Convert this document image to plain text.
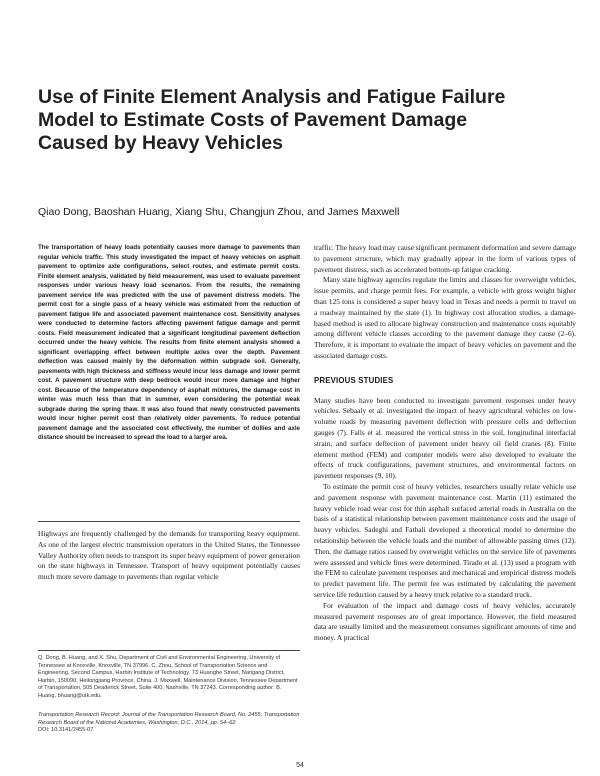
Use of Finite Element Analysis and Fatigue Failure Model to Estimate Costs of Pavement Damage Caused by Heavy Vehicles
Qiao Dong, Baoshan Huang, Xiang Shu, Changjun Zhou, and James Maxwell
The transportation of heavy loads potentially causes more damage to pavements than regular vehicle traffic. This study investigated the impact of heavy vehicles on asphalt pavement to optimize axle configurations, select routes, and estimate permit costs. Finite element analysis, validated by field measurement, was used to evaluate pavement responses under various heavy load scenarios. From the results, the remaining pavement service life was predicted with the use of pavement distress models. The permit cost for a single pass of a heavy vehicle was estimated from the reduction of pavement fatigue life and associated pavement maintenance cost. Sensitivity analyses were conducted to determine factors affecting pavement fatigue damage and permit costs. Field measurement indicated that a significant longitudinal pavement deflection occurred under the heavy vehicle. The results from finite element analysis showed a significant overlapping effect between multiple axles over the depth. Pavement deflection was caused mainly by the deformation within subgrade soil. Generally, pavements with high thickness and stiffness would incur less damage and lower permit cost. A pavement structure with deep bedrock would incur more damage and higher cost. Because of the temperature dependency of asphalt mixtures, the damage cost in winter was much less than that in summer, even considering the potential weak subgrade during the spring thaw. It was also found that newly constructed pavements would incur higher permit cost than relatively older pavements. To reduce potential pavement damage and the associated cost effectively, the number of dollies and axle distance should be increased to spread the load to a larger area.
Highways are frequently challenged by the demands for transporting heavy equipment. As one of the largest electric transmission operators in the United States, the Tennessee Valley Authority often needs to transport its super heavy equipment of power generation on the state highways in Tennessee. Transport of heavy equipment potentially causes much more severe damage to pavements than regular vehicle
Q. Dong, B. Huang, and X. Shu, Department of Civil and Environmental Engineering, University of Tennessee at Knoxville, Knoxville, TN 37996. C. Zhou, School of Transportation Science and Engineering, Second Campus, Harbin Institute of Technology, 73 Huanghe Street, Nangang District, Harbin, 150090, Heilongjiang Province, China. J. Maxwell, Maintenance Division, Tennessee Department of Transportation, 505 Deaderick Street, Suite 400, Nashville, TN 37243. Corresponding author: B. Huang, bhuang@utk.edu.
Transportation Research Record: Journal of the Transportation Research Board, No. 2455, Transportation Research Board of the National Academies, Washington, D.C., 2014, pp. 54–62.
DOI: 10.3141/2455-07

traffic. The heavy load may cause significant permanent deformation and severe damage to pavement structure, which may gradually appear in the form of various types of pavement distress, such as accelerated bottom-up fatigue cracking.

Many state highway agencies regulate the limits and classes for overweight vehicles, issue permits, and charge permit fees. For example, a vehicle with gross weight higher than 125 tons is considered a super heavy load in Texas and needs a permit to travel on a roadway maintained by the state (1). In highway cost allocation studies, a damage-based method is used to allocate highway construction and maintenance costs equitably among different vehicle classes according to the pavement damage they cause (2–6). Therefore, it is important to evaluate the impact of heavy vehicles on pavement and the associated damage costs.

PREVIOUS STUDIES

Many studies have been conducted to investigate pavement responses under heavy vehicles. Sebaaly et al. investigated the impact of heavy agricultural vehicles on low-volume roads by measuring pavement deflection with pressure cells and deflection gauges (7). Falls et al. measured the vertical stress in the soil, longitudinal interfacial strain, and surface deflection of pavement under heavy oil field cranes (8). Finite element method (FEM) and computer models were also developed to evaluate the effects of truck configurations, pavement structures, and environmental factors on pavement responses (9, 10).

To estimate the permit cost of heavy vehicles, researchers usually relate vehicle use and pavement response with pavement maintenance cost. Martin (11) estimated the heavy vehicle road wear cost for thin asphalt surfaced arterial roads in Australia on the basis of a statistical relationship between pavement maintenance costs and the usage of heavy vehicles. Sadeghi and Fathali developed a theoretical model to determine the relationship between the vehicle loads and the number of allowable passing times (12). Then, the damage ratios caused by overweight vehicles on the service life of pavements were assessed and vehicle fines were determined. Tirado et al. (13) used a program with the FEM to calculate pavement responses and mechanical and empirical distress models to predict pavement life. The permit fee was estimated by calculating the pavement service life reduction caused by a heavy truck relative to a standard truck.

For evaluation of the impact and damage costs of heavy vehicles, accurately measured pavement responses are of great importance. However, the field measured data are usually limited and the measurement consumes significant amounts of time and money. A practical

54
